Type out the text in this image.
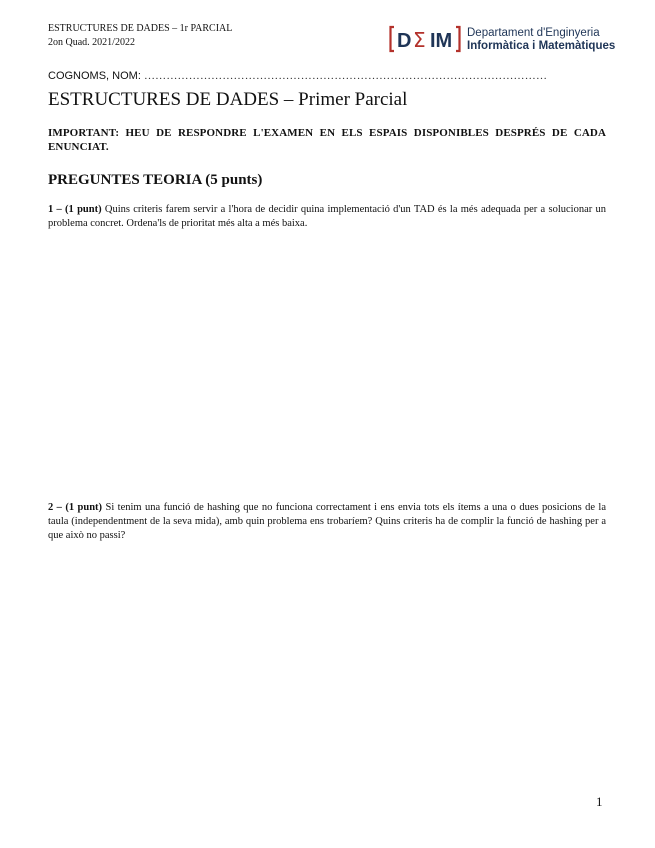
ESTRUCTURES DE DADES – 1r PARCIAL
2on Quad. 2021/2022	D Σ IM Departament d'Enginyeria
Informàtica i Matemàtiques
COGNOMS, NOM: ………………………………………………………………………………………………
ESTRUCTURES DE DADES – Primer Parcial
IMPORTANT: HEU DE RESPONDRE L'EXAMEN EN ELS ESPAIS DISPONIBLES DESPRÉS DE CADA ENUNCIAT.
PREGUNTES TEORIA (5 punts)
1 – (1 punt) Quins criteris farem servir a l'hora de decidir quina implementació d'un TAD és la més adequada per a solucionar un problema concret. Ordena'ls de prioritat més alta a més baixa.
2 – (1 punt) Si tenim una funció de hashing que no funciona correctament i ens envia tots els ítems a una o dues posicions de la taula (independentment de la seva mida), amb quin problema ens trobaríem? Quins criteris ha de complir la funció de hashing per a que això no passi?
1
